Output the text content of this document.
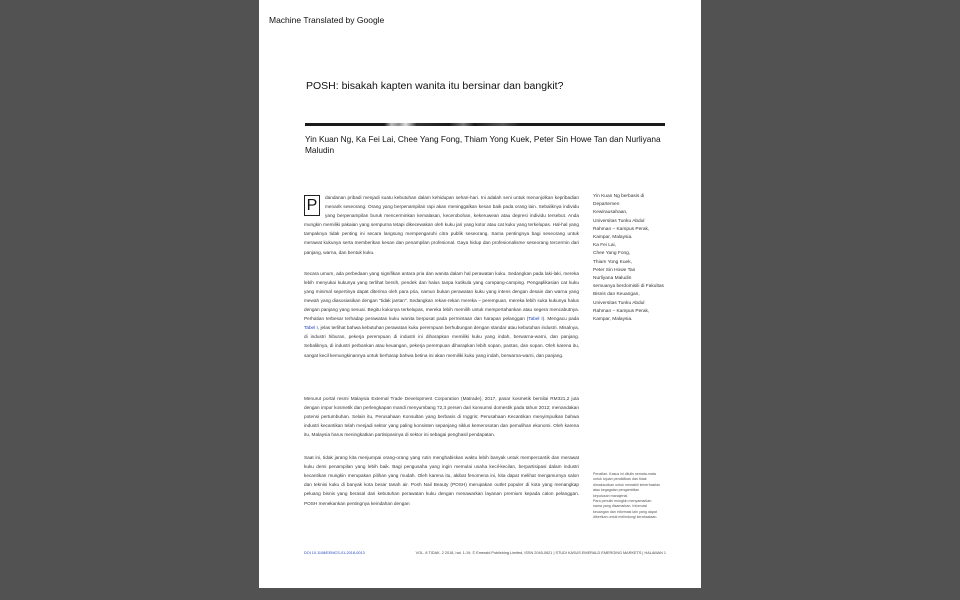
Machine Translated by Google
POSH: bisakah kapten wanita itu bersinar dan bangkit?
Yin Kuan Ng, Ka Fei Lai, Chee Yang Fong, Thiam Yong Kuek, Peter Sin Howe Tan dan Nurliyana Maludin

P	dandanan pribadi menjadi suatu kebutuhan dalam kehidupan sehari-hari. Ini adalah seni untuk menonjolkan kepribadian menarik seseorang. Orang yang berpenampilan rapi akan meninggalkan kesan baik pada orang lain. Sebaliknya individu yang berpenampilan buruk mencerminkan kemalasan, kecerobohan, kekeruwean atau depresi individu tersebut. Anda mungkin memiliki pakaian yang sempurna tetapi dikecewakan oleh kuku jari yang kotor atau cat kuku yang terkelupas. Hal-hal yang tampaknya tidak penting ini secara langsung mempengaruhi citra publik seseorang. Sama pentingnya bagi seseorang untuk merawat kukunya serta memberikan kesan dan penampilan profesional. Gaya hidup dan profesionalisme seseorang tercermin dari panjang, warna, dan bentuk kuku.

Secara umum, ada perbedaan yang signifikan antara pria dan wanita dalam hal perawatan kuku. Sedangkan pada laki-laki, mereka lebih menyukai kukunya yang terlihat bersih, pendek dan halus tanpa kutikula yang compang-camping. Pengaplikasian cat kuku yang minimal sepertinya dapat diterima oleh para pria, namun bukan perawatan kuku yang intens dengan desain dan warna yang mewah yang diasosiasikan dengan "tidak jantan". Sedangkan rekan-rekan mereka – perempuan, mereka lebih suka kukunya halus dengan panjang yang sesuai. Begitu kukunya terkelupas, mereka lebih memilih untuk mempertahankan atau segera mencabutnya. Perhatian terbesar terhadap perawatan kuku wanita berpusat pada permintaan dan harapan pelanggan (Tabel I). Mengacu pada Tabel I, jelas terlihat bahwa kebutuhan perawatan kuku perempuan berhubungan dengan standar atau kebutuhan industri. Misalnya, di industri hiburan, pekerja perempuan di industri ini diharapkan memiliki kuku yang indah, berwarna-warni, dan panjang. Sebaliknya, di industri perbankan atau keuangan, pekerja perempuan diharapkan lebih sopan, pantas, dan sopan. Oleh karena itu, sangat kecil kemungkinannya untuk berharap bahwa betina ini akan memiliki kuku yang indah, berwarna-warni, dan panjang.

Menurut portal resmi Malaysia External Trade Development Corporation (Matrade), 2017, pasar kosmetik bernilai RM321,2 juta dengan impor kosmetik dan perlengkapan mandi menyumbang 72,3 persen dari konsumsi domestik pada tahun 2012; menandakan potensi pertumbuhan. Selain itu, Perusahaan Konsultan yang berbasis di Inggris; Perusahaan Kecantikan menyimpulkan bahwa industri kecantikan telah menjadi sektor yang paling konsisten sepanjang siklus kemerosotan dan pemulihan ekonomi. Oleh karena itu, Malaysia harus meningkatkan partisipasinya di sektor ini sebagai penghasil pendapatan.

Saat ini, tidak jarang kita menjumpai orang-orang yang rutin menghabiskan waktu lebih banyak untuk mempercantik dan merawat kuku demi penampilan yang lebih baik. Bagi pengusaha yang ingin memulai usaha kecil-kecilan, berpartisipasi dalam industri kecantikan mungkin merupakan pilihan yang mudah. Oleh karena itu, akibat fenomena ini, kita dapat melihat menjamurnya salon dan teknisi kuku di banyak kota besar tanah air. Posh Nail Beauty (POSH) merupakan outlet populer di kota yang menangkap peluang bisnis yang berasal dari kebutuhan perawatan kuku dengan menawarkan layanan premium kepada calon pelanggan. POSH menekankan pentingnya keindahan dengan

Yin Kuan Ng berbasis di

Departemen

Kewirausahaan,

Universitas Tunku Abdul

Rahman – Kampus Perak,

Kampar, Malaysia.

Ka Fei Lai,

Chee Yang Fong,

Thiam Yong Kuek,

Peter Sin Howe Tan

Nurliyana Maludin

semuanya berdomisili di Fakultas

Bisnis dan Keuangan,

Universitas Tunku Abdul

Rahman – Kampus Perak,

Kampar, Malaysia.

Penafian. Kasus ini ditulis semata-mata

untuk tujuan pendidikan dan tidak

dimaksudkan untuk mewakili keberhasilan

atau kegagalan pengambilan

keputusan manajerial.

Para penulis mungkin menyamarkan

nama yang disamarkan. Informasi

keuangan dan informasi lain yang dapat

diberikan untuk melindungi kerahasiaan.

DOI 10.1108/EEMCS-01-2018-0013	VOL. 8 TIDAK. 2 2018, hal. 1-19, © Emerald Publishing Limited, ISSN 2045-0621 | STUDI KASUS EMERALD EMERGING MARKETS | HALAMAN 1
